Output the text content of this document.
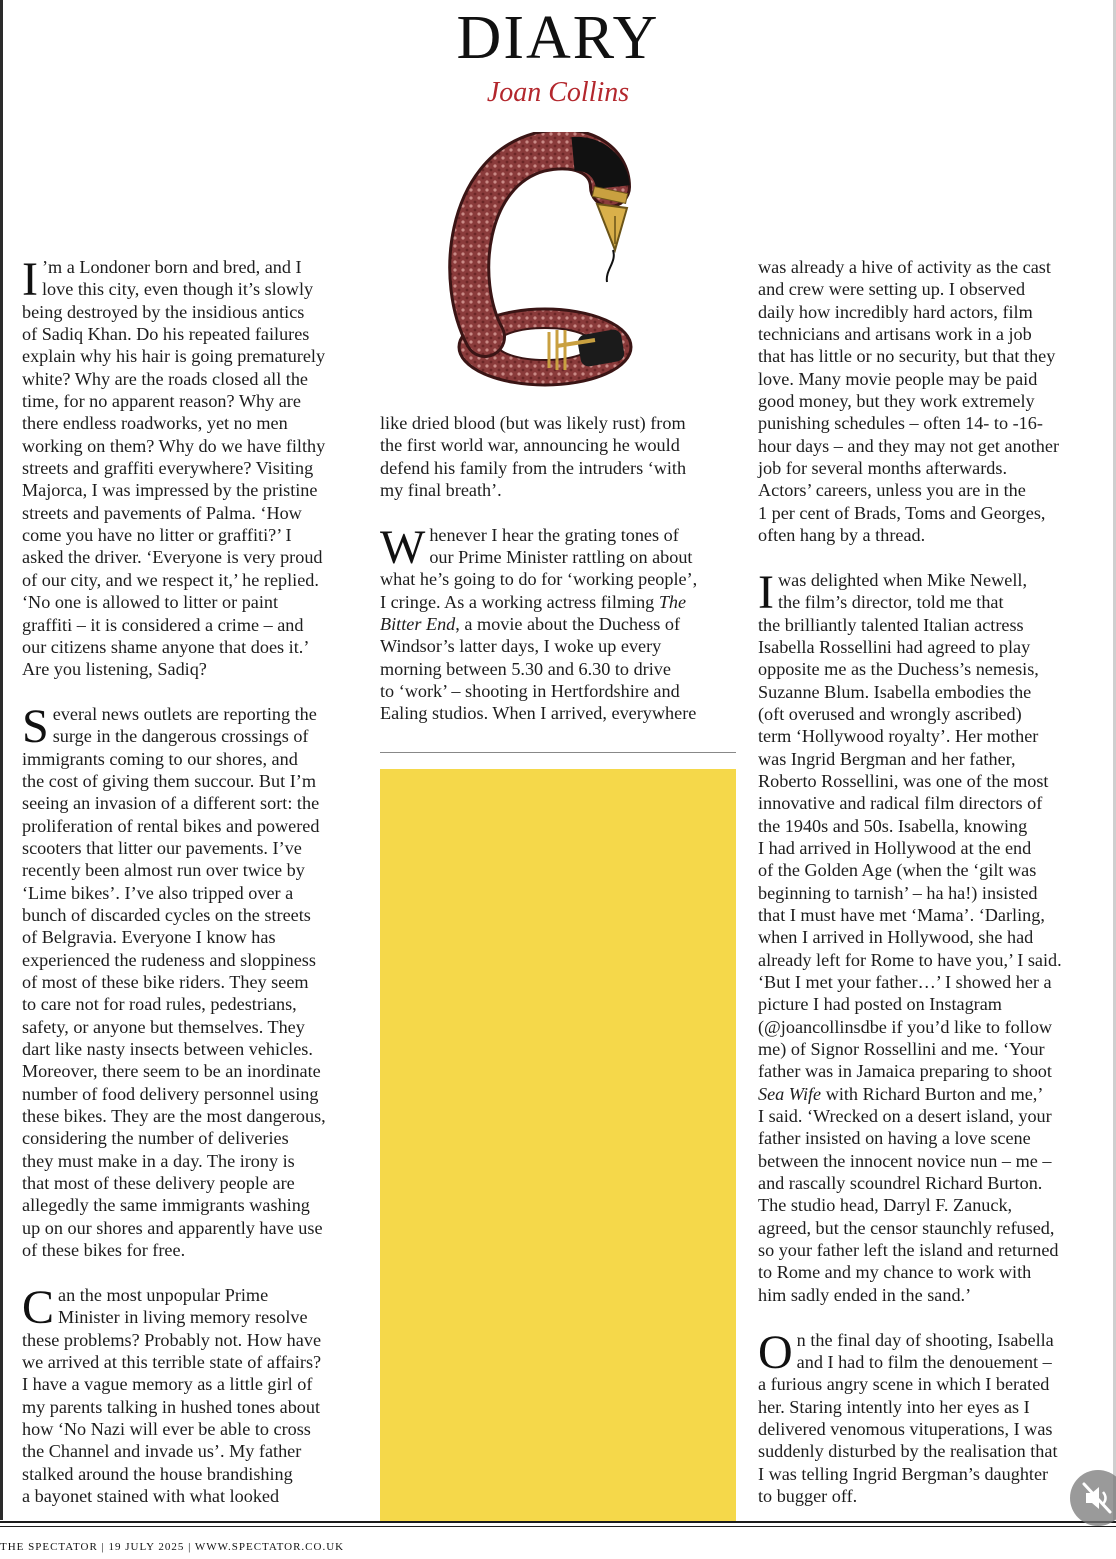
DIARY
Joan Collins

I ’m a Londoner born and bred, and I
love this city, even though it’s slowly
being destroyed by the insidious antics
of Sadiq Khan. Do his repeated failures
explain why his hair is going prematurely
white? Why are the roads closed all the
time, for no apparent reason? Why are
there endless roadworks, yet no men
working on them? Why do we have filthy
streets and graffiti everywhere? Visiting
Majorca, I was impressed by the pristine
streets and pavements of Palma. ‘How
come you have no litter or graffiti?’ I
asked the driver. ‘Everyone is very proud
of our city, and we respect it,’ he replied.
‘No one is allowed to litter or paint
graffiti – it is considered a crime – and
our citizens shame anyone that does it.’
Are you listening, Sadiq?

S everal news outlets are reporting the
surge in the dangerous crossings of
immigrants coming to our shores, and
the cost of giving them succour. But I’m
seeing an invasion of a different sort: the
proliferation of rental bikes and powered
scooters that litter our pavements. I’ve
recently been almost run over twice by
‘Lime bikes’. I’ve also tripped over a
bunch of discarded cycles on the streets
of Belgravia. Everyone I know has
experienced the rudeness and sloppiness
of most of these bike riders. They seem
to care not for road rules, pedestrians,
safety, or anyone but themselves. They
dart like nasty insects between vehicles.
Moreover, there seem to be an inordinate
number of food delivery personnel using
these bikes. They are the most dangerous,
considering the number of deliveries
they must make in a day. The irony is
that most of these delivery people are
allegedly the same immigrants washing
up on our shores and apparently have use
of these bikes for free.

C an the most unpopular Prime
Minister in living memory resolve
these problems? Probably not. How have
we arrived at this terrible state of affairs?
I have a vague memory as a little girl of
my parents talking in hushed tones about
how ‘No Nazi will ever be able to cross
the Channel and invade us’. My father
stalked around the house brandishing
a bayonet stained with what looked

like dried blood (but was likely rust) from
the first world war, announcing he would
defend his family from the intruders ‘with
my final breath’.

W henever I hear the grating tones of
our Prime Minister rattling on about
what he’s going to do for ‘working people’,
I cringe. As a working actress filming The
Bitter End, a movie about the Duchess of
Windsor’s latter days, I woke up every
morning between 5.30 and 6.30 to drive
to ‘work’ – shooting in Hertfordshire and
Ealing studios. When I arrived, everywhere

was already a hive of activity as the cast
and crew were setting up. I observed
daily how incredibly hard actors, film
technicians and artisans work in a job
that has little or no security, but that they
love. Many movie people may be paid
good money, but they work extremely
punishing schedules – often 14- to -16-
hour days – and they may not get another
job for several months afterwards.
Actors’ careers, unless you are in the
1 per cent of Brads, Toms and Georges,
often hang by a thread.

I was delighted when Mike Newell,
the film’s director, told me that
the brilliantly talented Italian actress
Isabella Rossellini had agreed to play
opposite me as the Duchess’s nemesis,
Suzanne Blum. Isabella embodies the
(oft overused and wrongly ascribed)
term ‘Hollywood royalty’. Her mother
was Ingrid Bergman and her father,
Roberto Rossellini, was one of the most
innovative and radical film directors of
the 1940s and 50s. Isabella, knowing
I had arrived in Hollywood at the end
of the Golden Age (when the ‘gilt was
beginning to tarnish’ – ha ha!) insisted
that I must have met ‘Mama’. ‘Darling,
when I arrived in Hollywood, she had
already left for Rome to have you,’ I said.
‘But I met your father…’ I showed her a
picture I had posted on Instagram
(@joancollinsdbe if you’d like to follow
me) of Signor Rossellini and me. ‘Your
father was in Jamaica preparing to shoot
Sea Wife with Richard Burton and me,’
I said. ‘Wrecked on a desert island, your
father insisted on having a love scene
between the innocent novice nun – me –
and rascally scoundrel Richard Burton.
The studio head, Darryl F. Zanuck,
agreed, but the censor staunchly refused,
so your father left the island and returned
to Rome and my chance to work with
him sadly ended in the sand.’

O n the final day of shooting, Isabella
and I had to film the denouement –
a furious angry scene in which I berated
her. Staring intently into her eyes as I
delivered venomous vituperations, I was
suddenly disturbed by the realisation that
I was telling Ingrid Bergman’s daughter
to bugger off.

THE SPECTATOR | 19 JULY 2025 | WWW.SPECTATOR.CO.UK
